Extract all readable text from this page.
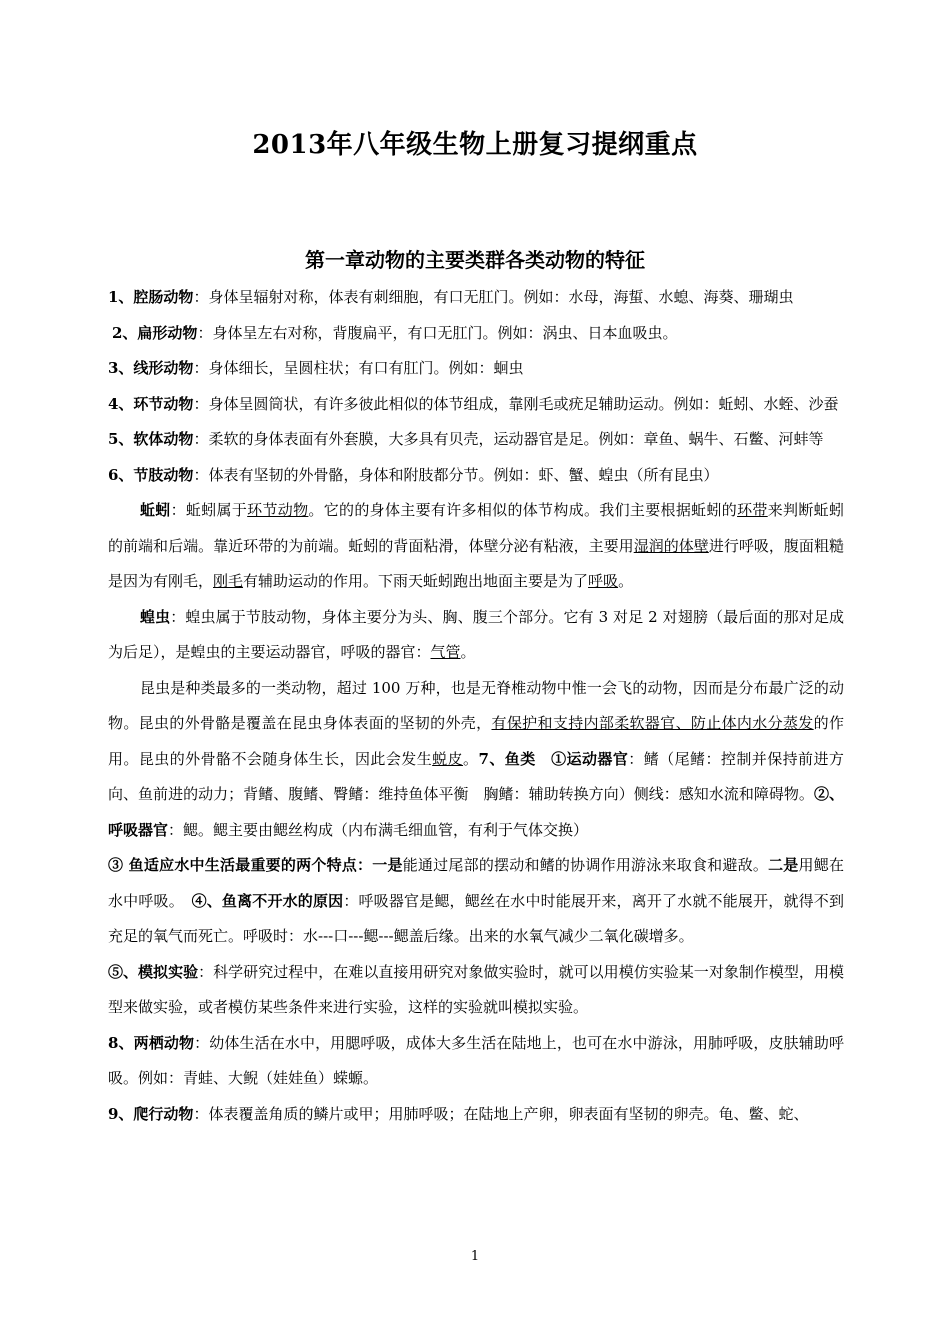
2013年八年级生物上册复习提纲重点
第一章动物的主要类群各类动物的特征

1、腔肠动物：身体呈辐射对称，体表有刺细胞，有口无肛门。例如：水母，海蜇、水螅、海葵、珊瑚虫

2、扁形动物：身体呈左右对称，背腹扁平，有口无肛门。例如：涡虫、日本血吸虫。

3、线形动物：身体细长，呈圆柱状；有口有肛门。例如：蛔虫

4、环节动物：身体呈圆筒状，有许多彼此相似的体节组成，靠刚毛或疣足辅助运动。例如：蚯蚓、水蛭、沙蚕

5、软体动物：柔软的身体表面有外套膜，大多具有贝壳，运动器官是足。例如：章鱼、蜗牛、石鳖、河蚌等

6、节肢动物：体表有坚韧的外骨骼，身体和附肢都分节。例如：虾、蟹、蝗虫（所有昆虫）

蚯蚓：蚯蚓属于环节动物。它的的身体主要有许多相似的体节构成。我们主要根据蚯蚓的环带来判断蚯蚓的前端和后端。靠近环带的为前端。蚯蚓的背面粘滑，体壁分泌有粘液，主要用湿润的体壁进行呼吸，腹面粗糙是因为有刚毛，刚毛有辅助运动的作用。下雨天蚯蚓跑出地面主要是为了呼吸。

蝗虫：蝗虫属于节肢动物，身体主要分为头、胸、腹三个部分。它有 3 对足 2 对翅膀（最后面的那对足成为后足），是蝗虫的主要运动器官，呼吸的器官：气管。

昆虫是种类最多的一类动物，超过 100 万种，也是无脊椎动物中惟一会飞的动物，因而是分布最广泛的动物。昆虫的外骨骼是覆盖在昆虫身体表面的坚韧的外壳，有保护和支持内部柔软器官、防止体内水分蒸发的作用。昆虫的外骨骼不会随身体生长，因此会发生蜕皮。7、鱼类　①运动器官：鳍（尾鳍：控制并保持前进方向、鱼前进的动力；背鳍、腹鳍、臀鳍：维持鱼体平衡　胸鳍：辅助转换方向）侧线：感知水流和障碍物。②、呼吸器官：鳃。鳃主要由鳃丝构成（内布满毛细血管，有利于气体交换）

③ 鱼适应水中生活最重要的两个特点：一是能通过尾部的摆动和鳍的协调作用游泳来取食和避敌。二是用鳃在水中呼吸。　④、鱼离不开水的原因：呼吸器官是鳃，鳃丝在水中时能展开来，离开了水就不能展开，就得不到充足的氧气而死亡。呼吸时：水---口---鳃---鳃盖后缘。出来的水氧气减少二氧化碳增多。

⑤、模拟实验：科学研究过程中，在难以直接用研究对象做实验时，就可以用模仿实验某一对象制作模型，用模型来做实验，或者模仿某些条件来进行实验，这样的实验就叫模拟实验。

8、两栖动物：幼体生活在水中，用腮呼吸，成体大多生活在陆地上，也可在水中游泳，用肺呼吸，皮肤辅助呼吸。例如：青蛙、大鲵（娃娃鱼）蝾螈。

9、爬行动物：体表覆盖角质的鳞片或甲；用肺呼吸；在陆地上产卵，卵表面有坚韧的卵壳。龟、鳖、蛇、

1
